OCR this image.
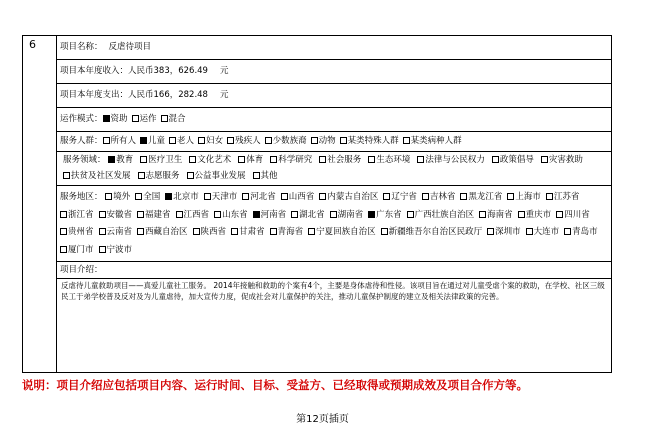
6	项目名称： 反虐待项目
项目本年度收入：人民币383，626.49 元
项目本年度支出：人民币166，282.48 元
运作模式： 资助 运作 混合
服务人群： 所有人 儿童 老人 妇女 残疾人 少数族裔 动物 某类特殊人群 某类病种人群
服务领域： 教育 医疗卫生 文化艺术 体育 科学研究 社会服务 生态环境 法律与公民权力 政策倡导 灾害救助扶贫及社区发展 志愿服务 公益事业发展 其他
服务地区： 境外 全国 北京市 天津市 河北省 山西省 内蒙古自治区 辽宁省 吉林省 黑龙江省 上海市 江苏省浙江省 安徽省 福建省 江西省 山东省 河南省 湖北省 湖南省 广东省 广西壮族自治区 海南省 重庆市 四川省贵州省 云南省 西藏自治区 陕西省 甘肃省 青海省 宁夏回族自治区 新疆维吾尔自治区民政厅 深圳市 大连市 青岛市厦门市 宁波市
项目介绍：
反虐待儿童救助项目——真爱儿童社工服务。 2014年接触和救助的个案有4个，主要是身体虐待和性侵。该项目旨在通过对儿童受虐个案的救助，在学校、社区三级民工于弟学校普及反对及为儿童虐待，加大宣传力度，促成社会对儿童保护的关注，推动儿童保护制度的建立及相关法律政策的完善。
说明：项目介绍应包括项目内容、运行时间、目标、受益方、已经取得或预期成效及项目合作方等。
第12页插页
